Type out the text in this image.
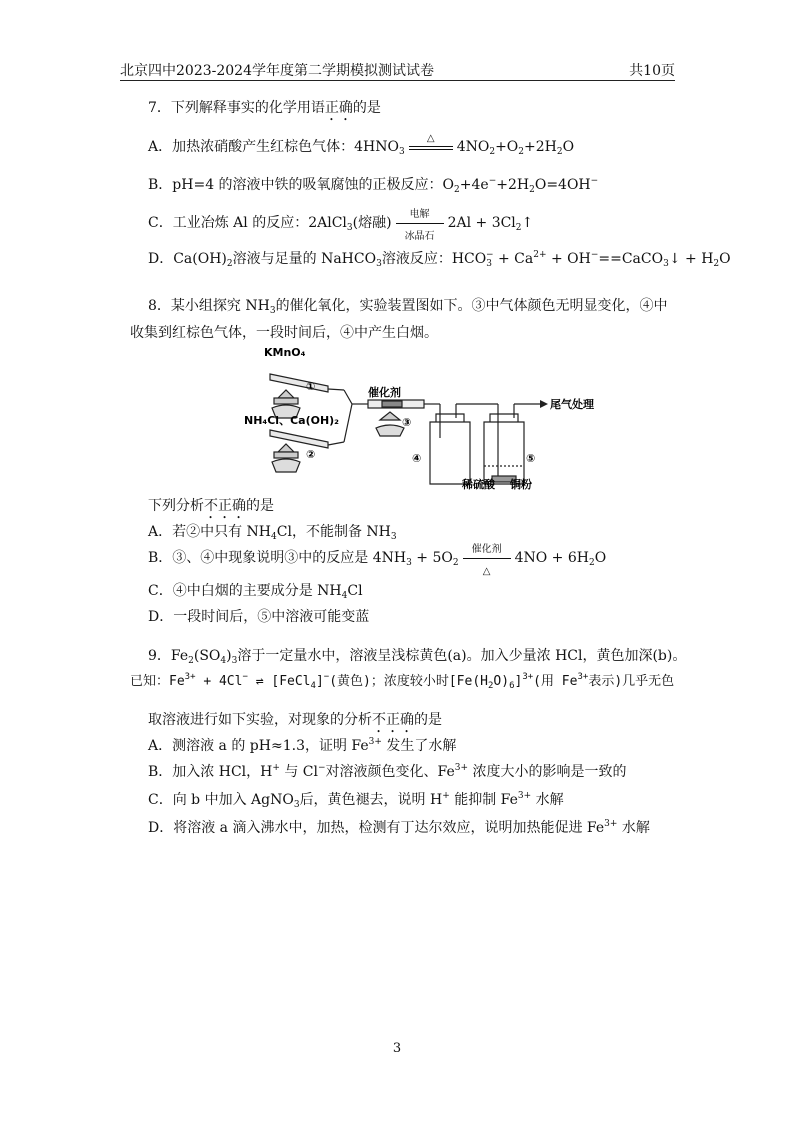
北京四中2023-2024学年度第二学期模拟测试试卷	共10页
7．下列解释事实的化学用语正确的是
A．加热浓硝酸产生红棕色气体：$4HNO_3$
△
$4NO_2+O_2+2H_2O$
B．pH=4 的溶液中铁的吸氧腐蚀的正极反应：$O_2+4e^-+2H_2O=4OH^-$
C．工业冶炼 Al 的反应：2AlCl$_3$(熔融)
电解
冰晶石
$2Al + 3Cl_2↑$
D．$Ca(OH)_2$溶液与足量的 NaHCO$_3$溶液反应：$HCO_3^- + Ca^{2+}$ + OH−==CaCO$_3$↓ + $H_2O$
8．某小组探究 $NH_3$的催化氧化，实验装置图如下。③中气体颜色无明显变化，④中
收集到红棕色气体，一段时间后，④中产生白烟。
KMnO₄
①
NH₄Cl、Ca(OH)₂
②
催化剂
③
④	⑤
尾气处理
稀硫酸 铜粉
下列分析不正确的是
A．若②中只有 $NH_4Cl$，不能制备 $NH_3$
B．③、④中现象说明③中的反应是 $4NH_3 + 5O_2$
催化剂
△
$4NO + 6H_2O$
C．④中白烟的主要成分是 $NH_4Cl$
D．一段时间后，⑤中溶液可能变蓝
9．$Fe_2(SO_4)_3$溶于一定量水中，溶液呈浅棕黄色(a)。加入少量浓 HCl，黄色加深(b)。
已知：$Fe^{3+} + 4Cl^-$ ⇌ [FeCl$_4$]−(黄色)；浓度较小时$[Fe(H_2O)_6]^{3+}$(用 $Fe^{3+}$表示)几乎无色
取溶液进行如下实验，对现象的分析不正确的是
A．测溶液 a 的 pH≈1.3，证明 $Fe^{3+}$ 发生了水解
B．加入浓 HCl，H+ 与 Cl−对溶液颜色变化、$Fe^{3+}$ 浓度大小的影响是一致的
C．向 b 中加入 AgNO$_3$后，黄色褪去，说明 H+ 能抑制 $Fe^{3+}$ 水解
D．将溶液 a 滴入沸水中，加热，检测有丁达尔效应，说明加热能促进 $Fe^{3+}$ 水解
3
